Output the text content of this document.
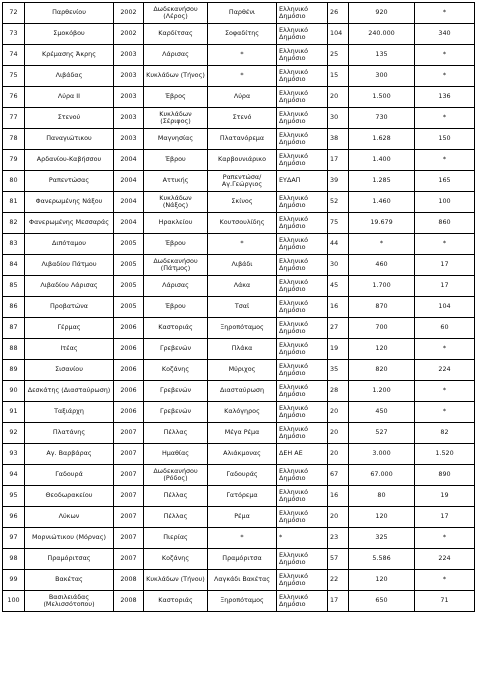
72	Παρθενίου	2002	Δωδεκανήσου (Λέρος)	Παρθένι	Ελληνικό Δημόσιο	26	920	*
73	Σμοκόβου	2002	Καρδίτσας	Σοφαδίτης	Ελληνικό Δημόσιο	104	240.000	340
74	Κρέμασης Άκρης	2003	Λάρισας	*	Ελληνικό Δημόσιο	25	135	*
75	Λιβάδας	2003	Κυκλάδων (Τήνος)	*	Ελληνικό Δημόσιο	15	300	*
76	Λύρα ΙΙ	2003	Έβρος	Λύρα	Ελληνικό Δημόσιο	20	1.500	136
77	Στενού	2003	Κυκλάδων (Σέριφος)	Στενό	Ελληνικό Δημόσιο	30	730	*
78	Παναγιώτικου	2003	Μαγνησίας	Πλατανόρεμα	Ελληνικό Δημόσιο	38	1.628	150
79	Αρδανίου-Καβήσσου	2004	Έβρου	Καρβουνιάρικο	Ελληνικό Δημόσιο	17	1.400	*
80	Ραπεντώσας	2004	Αττικής	Ραπεντώσα/ Αγ.Γεώργιος	ΕΥΔΑΠ	39	1.285	165
81	Φανερωμένης Νάξου	2004	Κυκλάδων (Νάξος)	Σκίνος	Ελληνικό Δημόσιο	52	1.460	100
82	Φανερωμένης Μεσσαράς	2004	Ηρακλείου	Κουτσουλίδης	Ελληνικό Δημόσιο	75	19.679	860
83	Διπόταμου	2005	Έβρου	*	Ελληνικό Δημόσιο	44	*	*
84	Λιβαδίου Πάτμου	2005	Δωδεκανήσου (Πάτμος)	Λιβάδι	Ελληνικό Δημόσιο	30	460	17
85	Λιβαδίου Λάρισας	2005	Λάρισας	Λάκα	Ελληνικό Δημόσιο	45	1.700	17
86	Προβατώνα	2005	Έβρου	Τσαϊ	Ελληνικό Δημόσιο	16	870	104
87	Γέρμας	2006	Καστοριάς	Ξηροπόταμος	Ελληνικό Δημόσιο	27	700	60
88	Ιτέας	2006	Γρεβενών	Πλάκα	Ελληνικό Δημόσιο	19	120	*
89	Σισανίου	2006	Κοζάνης	Μύριχος	Ελληνικό Δημόσιο	35	820	224
90	Δεσκάτης (Διασταύρωση)	2006	Γρεβενών	Διασταύρωση	Ελληνικό Δημόσιο	28	1.200	*
91	Ταξιάρχη	2006	Γρεβενών	Καλόγηρος	Ελληνικό Δημόσιο	20	450	*
92	Πλατάνης	2007	Πέλλας	Μέγα Ρέμα	Ελληνικό Δημόσιο	20	527	82
93	Αγ. Βαρβάρας	2007	Ημαθίας	Αλιάκμονας	ΔΕΗ ΑΕ	20	3.000	1.520
94	Γαδουρά	2007	Δωδεκανήσου (Ρόδος)	Γαδουράς	Ελληνικό Δημόσιο	67	67.000	890
95	Θεοδωρακείου	2007	Πέλλας	Γατόρεμα	Ελληνικό Δημόσιο	16	80	19
96	Λύκων	2007	Πέλλας	Ρέμα	Ελληνικό Δημόσιο	20	120	17
97	Μορνιώτικου (Μόρνας)	2007	Πιερίας	*	*	23	325	*
98	Πραμόριτσας	2007	Κοζάνης	Πραμόριτσα	Ελληνικό Δημόσιο	57	5.586	224
99	Βακέτας	2008	Κυκλάδων (Τήνου)	Λαγκάδι Βακέτας	Ελληνικό Δημόσιο	22	120	*
100	Βασιλειάδας (Μελισσότοπου)	2008	Καστοριάς	Ξηροπόταμος	Ελληνικό Δημόσιο	17	650	71
